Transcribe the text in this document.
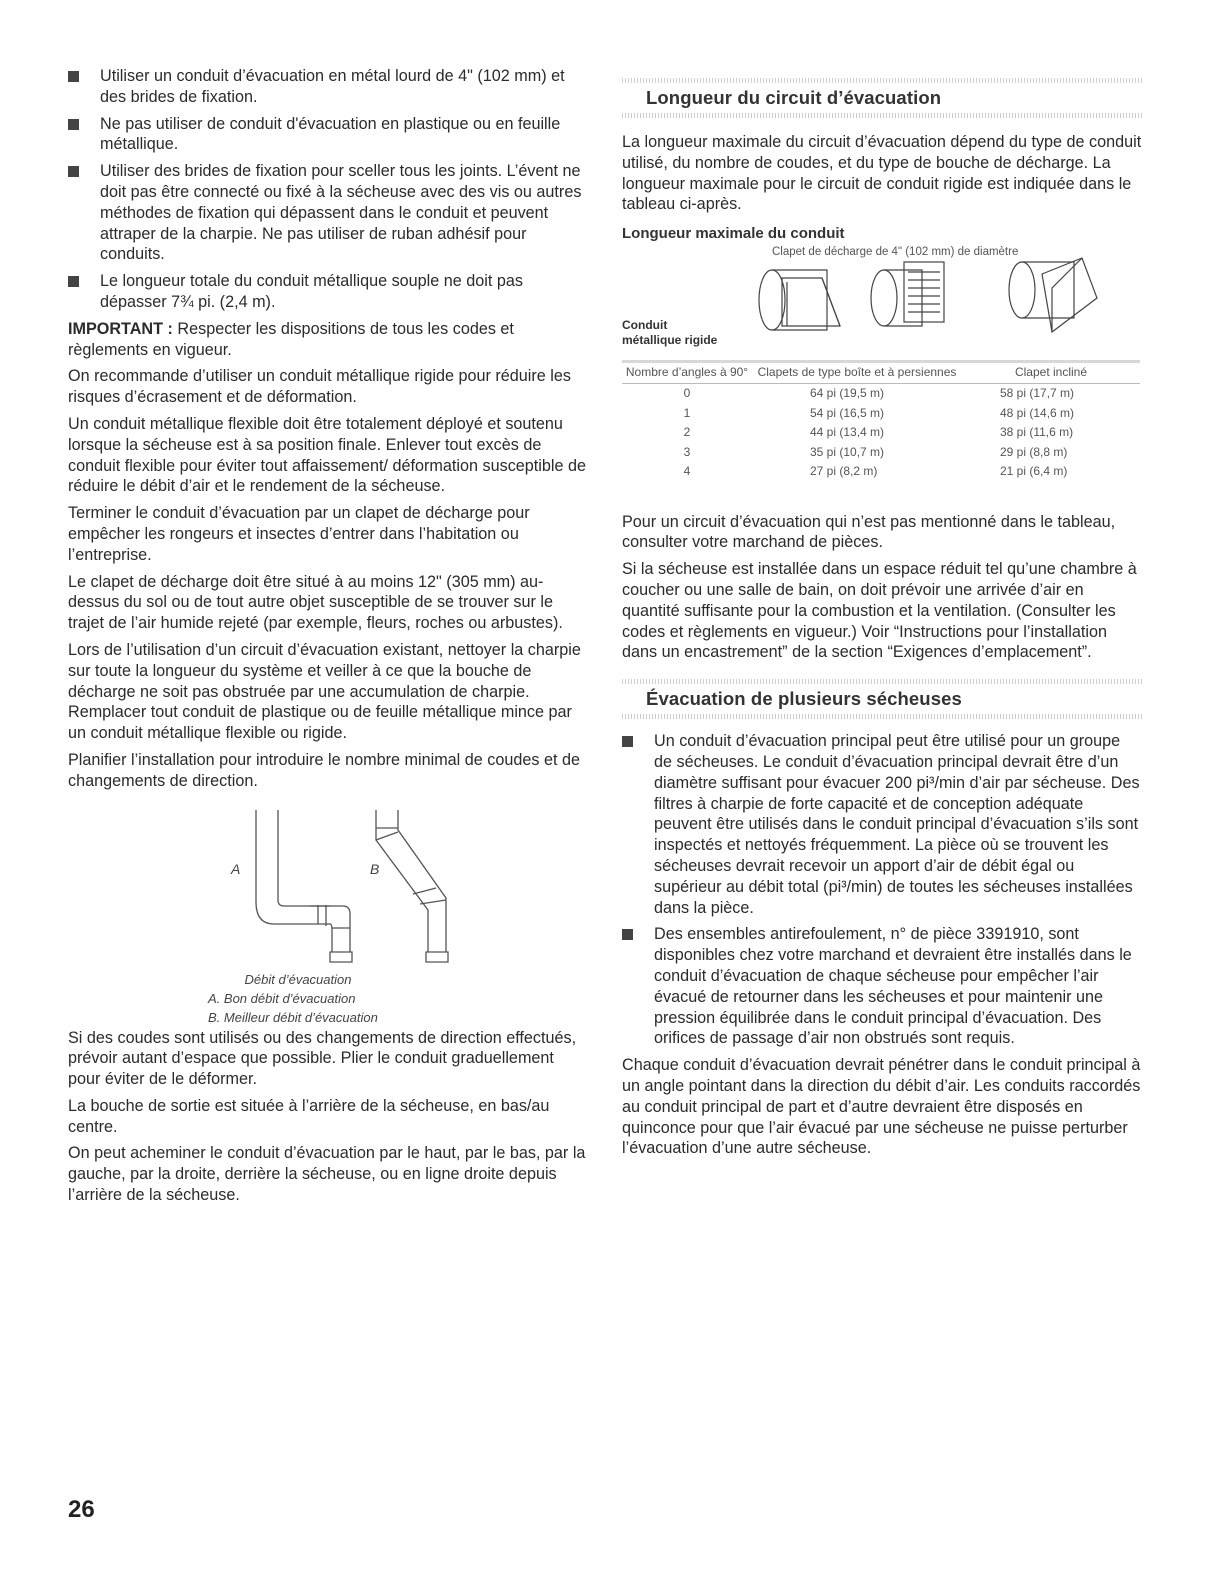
Utiliser un conduit d’évacuation en métal lourd de 4" (102 mm) et des brides de fixation.
Ne pas utiliser de conduit d'évacuation en plastique ou en feuille métallique.
Utiliser des brides de fixation pour sceller tous les joints. L’évent ne doit pas être connecté ou fixé à la sécheuse avec des vis ou autres méthodes de fixation qui dépassent dans le conduit et peuvent attraper de la charpie. Ne pas utiliser de ruban adhésif pour conduits.
Le longueur totale du conduit métallique souple ne doit pas dépasser 7¾ pi. (2,4 m).

IMPORTANT : Respecter les dispositions de tous les codes et règlements en vigueur.

On recommande d’utiliser un conduit métallique rigide pour réduire les risques d’écrasement et de déformation.

Un conduit métallique flexible doit être totalement déployé et soutenu lorsque la sécheuse est à sa position finale. Enlever tout excès de conduit flexible pour éviter tout affaissement/ déformation susceptible de réduire le débit d’air et le rendement de la sécheuse.

Terminer le conduit d’évacuation par un clapet de décharge pour empêcher les rongeurs et insectes d’entrer dans l’habitation ou l’entreprise.

Le clapet de décharge doit être situé à au moins 12" (305 mm) au-dessus du sol ou de tout autre objet susceptible de se trouver sur le trajet de l’air humide rejeté (par exemple, fleurs, roches ou arbustes).

Lors de l’utilisation d’un circuit d’évacuation existant, nettoyer la charpie sur toute la longueur du système et veiller à ce que la bouche de décharge ne soit pas obstruée par une accumulation de charpie. Remplacer tout conduit de plastique ou de feuille métallique mince par un conduit métallique flexible ou rigide.

Planifier l’installation pour introduire le nombre minimal de coudes et de changements de direction.

A	B
Débit d’évacuation
A. Bon débit d’évacuation
B. Meilleur débit d’évacuation

Si des coudes sont utilisés ou des changements de direction effectués, prévoir autant d’espace que possible. Plier le conduit graduellement pour éviter de le déformer.

La bouche de sortie est située à l’arrière de la sécheuse, en bas/au centre.

On peut acheminer le conduit d’évacuation par le haut, par le bas, par la gauche, par la droite, derrière la sécheuse, ou en ligne droite depuis l’arrière de la sécheuse.

Longueur du circuit d’évacuation

La longueur maximale du circuit d’évacuation dépend du type de conduit utilisé, du nombre de coudes, et du type de bouche de décharge. La longueur maximale pour le circuit de conduit rigide est indiquée dans le tableau ci-après.

Longueur maximale du conduit
Clapet de décharge de 4" (102 mm) de diamètre
Conduit
métallique rigide
Nombre d’angles à 90°	Clapets de type boîte et à persiennes	Clapet incliné
0	64 pi (19,5 m)	58 pi (17,7 m)
1	54 pi (16,5 m)	48 pi (14,6 m)
2	44 pi (13,4 m)	38 pi (11,6 m)
3	35 pi (10,7 m)	29 pi (8,8 m)
4	27 pi (8,2 m)	21 pi (6,4 m)

Pour un circuit d’évacuation qui n’est pas mentionné dans le tableau, consulter votre marchand de pièces.

Si la sécheuse est installée dans un espace réduit tel qu’une chambre à coucher ou une salle de bain, on doit prévoir une arrivée d’air en quantité suffisante pour la combustion et la ventilation. (Consulter les codes et règlements en vigueur.) Voir “Instructions pour l’installation dans un encastrement” de la section “Exigences d’emplacement”.

Évacuation de plusieurs sécheuses
Un conduit d’évacuation principal peut être utilisé pour un groupe de sécheuses. Le conduit d’évacuation principal devrait être d’un diamètre suffisant pour évacuer 200 pi³/min d’air par sécheuse. Des filtres à charpie de forte capacité et de conception adéquate peuvent être utilisés dans le conduit principal d’évacuation s’ils sont inspectés et nettoyés fréquemment. La pièce où se trouvent les sécheuses devrait recevoir un apport d’air de débit égal ou supérieur au débit total (pi³/min) de toutes les sécheuses installées dans la pièce.
Des ensembles antirefoulement, n° de pièce 3391910, sont disponibles chez votre marchand et devraient être installés dans le conduit d’évacuation de chaque sécheuse pour empêcher l’air évacué de retourner dans les sécheuses et pour maintenir une pression équilibrée dans le conduit principal d’évacuation. Des orifices de passage d’air non obstrués sont requis.

Chaque conduit d’évacuation devrait pénétrer dans le conduit principal à un angle pointant dans la direction du débit d’air. Les conduits raccordés au conduit principal de part et d’autre devraient être disposés en quinconce pour que l’air évacué par une sécheuse ne puisse perturber l’évacuation d’une autre sécheuse.

26
